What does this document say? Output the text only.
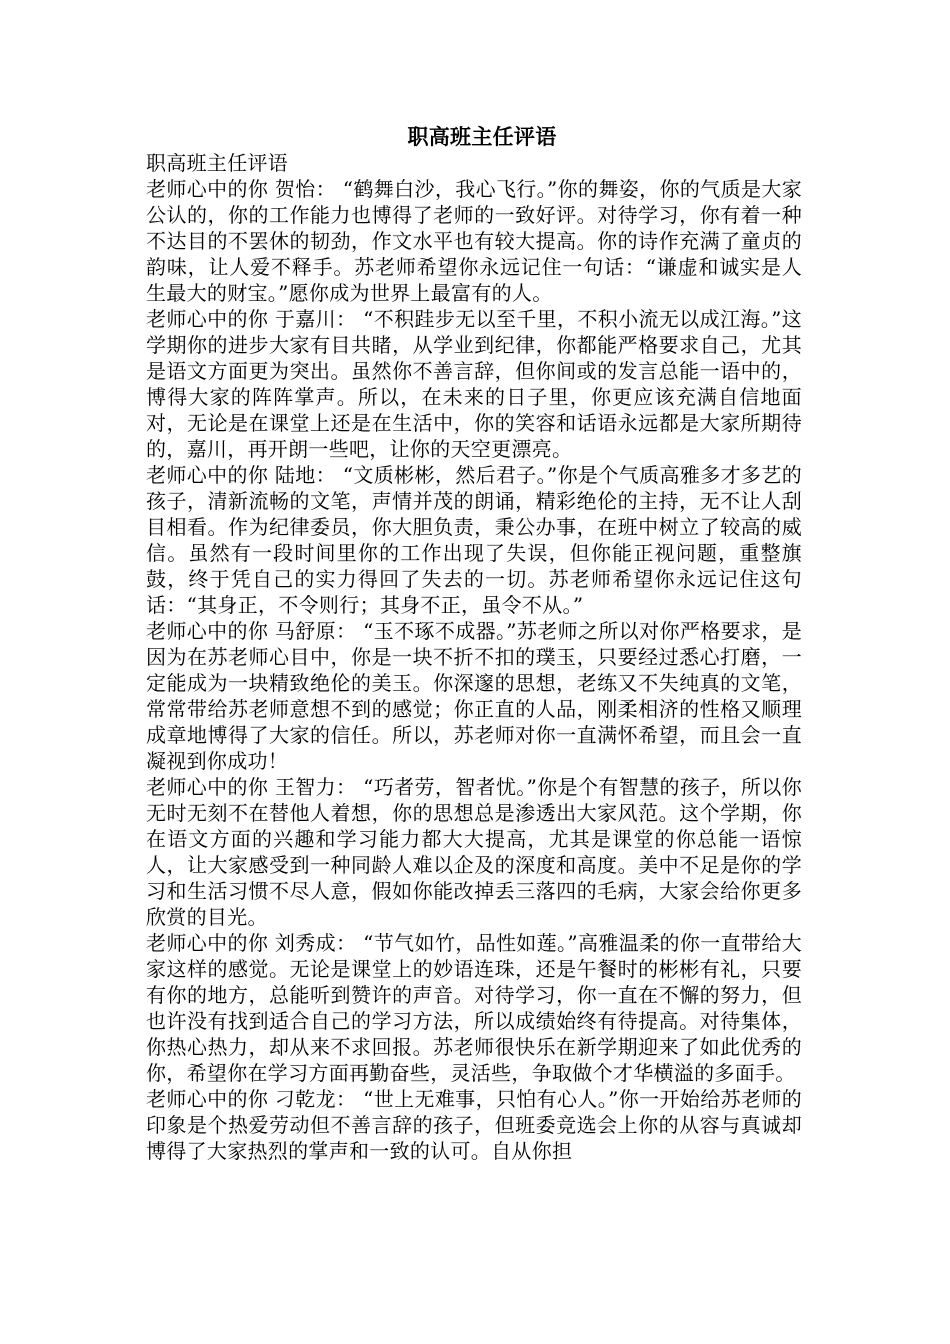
职高班主任评语

职高班主任评语

老师心中的你 贺怡： “鹤舞白沙，我心飞行。”你的舞姿，你的气质是大家公认的，你的工作能力也博得了老师的一致好评。对待学习，你有着一种不达目的不罢休的韧劲，作文水平也有较大提高。你的诗作充满了童贞的韵味，让人爱不释手。苏老师希望你永远记住一句话：“谦虚和诚实是人生最大的财宝。”愿你成为世界上最富有的人。

老师心中的你 于嘉川： “不积跬步无以至千里，不积小流无以成江海。”这学期你的进步大家有目共睹，从学业到纪律，你都能严格要求自己，尤其是语文方面更为突出。虽然你不善言辞，但你间或的发言总能一语中的，博得大家的阵阵掌声。所以，在未来的日子里，你更应该充满自信地面对，无论是在课堂上还是在生活中，你的笑容和话语永远都是大家所期待的，嘉川，再开朗一些吧，让你的天空更漂亮。

老师心中的你 陆地： “文质彬彬，然后君子。”你是个气质高雅多才多艺的孩子，清新流畅的文笔，声情并茂的朗诵，精彩绝伦的主持，无不让人刮目相看。作为纪律委员，你大胆负责，秉公办事，在班中树立了较高的威信。虽然有一段时间里你的工作出现了失误，但你能正视问题，重整旗鼓，终于凭自己的实力得回了失去的一切。苏老师希望你永远记住这句话：“其身正，不令则行；其身不正，虽令不从。”

老师心中的你 马舒原： “玉不琢不成器。”苏老师之所以对你严格要求，是因为在苏老师心目中，你是一块不折不扣的璞玉，只要经过悉心打磨，一定能成为一块精致绝伦的美玉。你深邃的思想，老练又不失纯真的文笔，常常带给苏老师意想不到的感觉；你正直的人品，刚柔相济的性格又顺理成章地博得了大家的信任。所以，苏老师对你一直满怀希望，而且会一直凝视到你成功！

老师心中的你 王智力： “巧者劳，智者忧。”你是个有智慧的孩子，所以你无时无刻不在替他人着想，你的思想总是渗透出大家风范。这个学期，你在语文方面的兴趣和学习能力都大大提高，尤其是课堂的你总能一语惊人，让大家感受到一种同龄人难以企及的深度和高度。美中不足是你的学习和生活习惯不尽人意，假如你能改掉丢三落四的毛病，大家会给你更多欣赏的目光。

老师心中的你 刘秀成： “节气如竹，品性如莲。”高雅温柔的你一直带给大家这样的感觉。无论是课堂上的妙语连珠，还是午餐时的彬彬有礼，只要有你的地方，总能听到赞许的声音。对待学习，你一直在不懈的努力，但也许没有找到适合自己的学习方法，所以成绩始终有待提高。对待集体，你热心热力，却从来不求回报。苏老师很快乐在新学期迎来了如此优秀的你，希望你在学习方面再勤奋些，灵活些，争取做个才华横溢的多面手。

老师心中的你 刁乾龙： “世上无难事，只怕有心人。”你一开始给苏老师的印象是个热爱劳动但不善言辞的孩子，但班委竞选会上你的从容与真诚却博得了大家热烈的掌声和一致的认可。自从你担
